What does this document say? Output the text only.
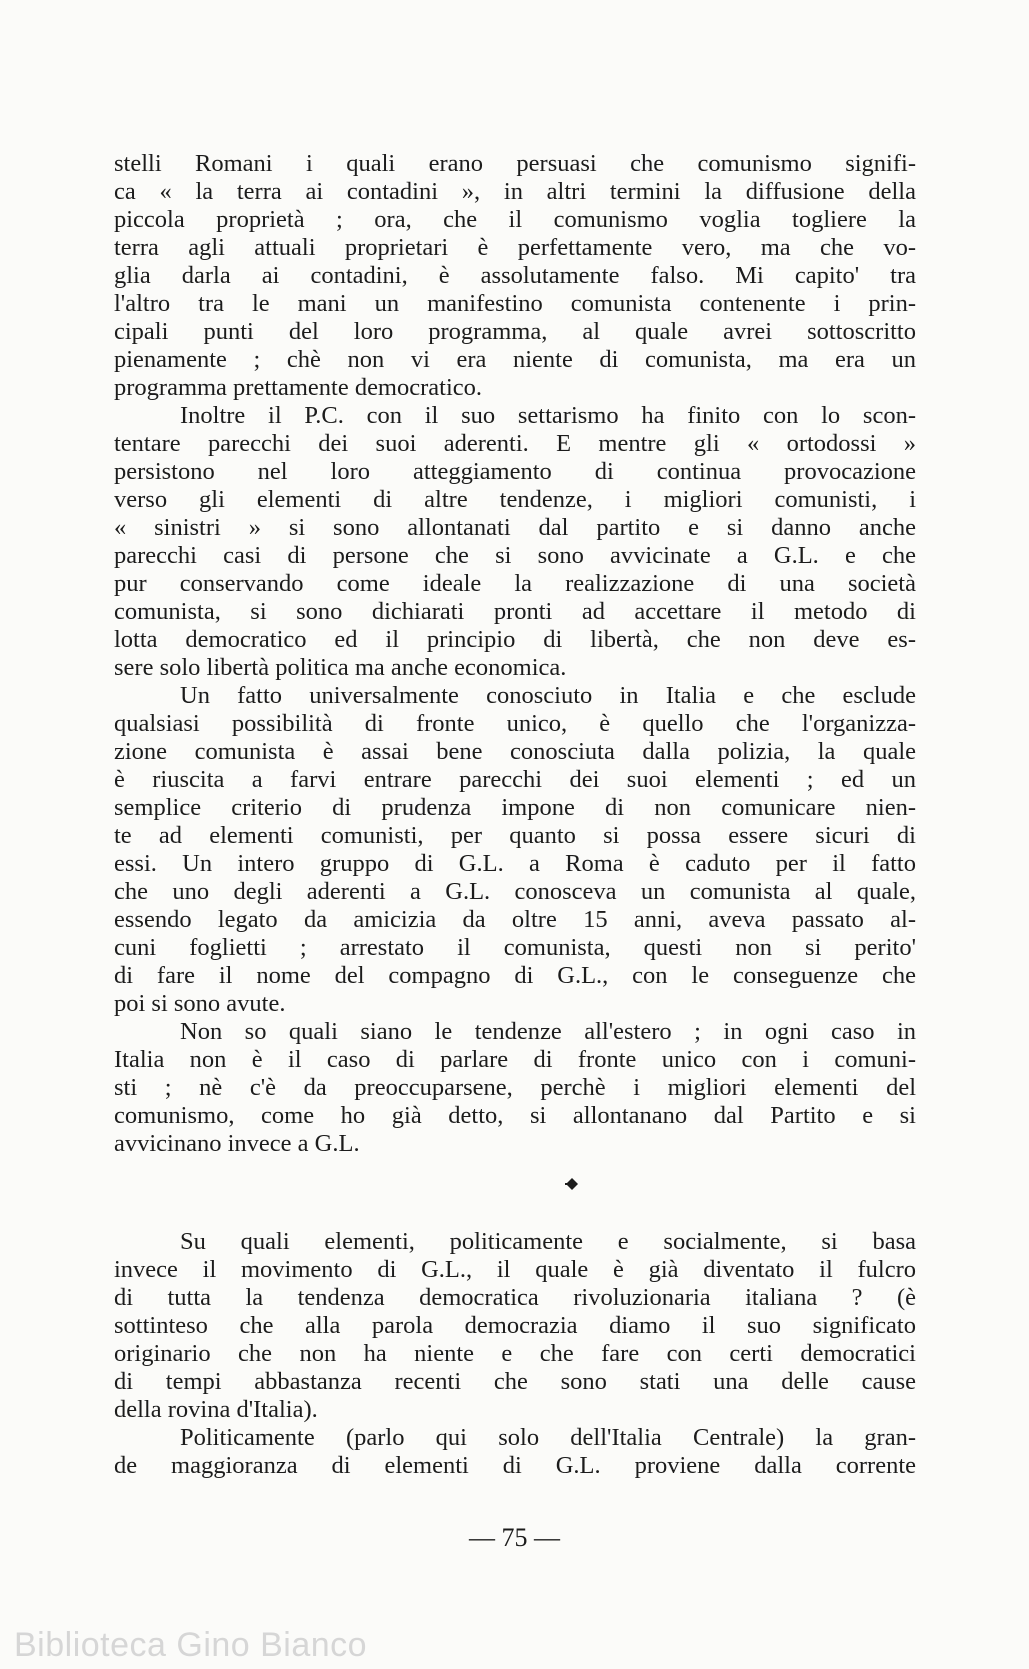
stelli Romani i quali erano persuasi che comunismo signifi-
ca « la terra ai contadini », in altri termini la diffusione della
piccola proprietà ; ora, che il comunismo voglia togliere la
terra agli attuali proprietari è perfettamente vero, ma che vo-
glia darla ai contadini, è assolutamente falso. Mi capito' tra
l'altro tra le mani un manifestino comunista contenente i prin-
cipali punti del loro programma, al quale avrei sottoscritto
pienamente ; chè non vi era niente di comunista, ma era un
programma prettamente democratico.
Inoltre il P.C. con il suo settarismo ha finito con lo scon-
tentare parecchi dei suoi aderenti. E mentre gli « ortodossi »
persistono nel loro atteggiamento di continua provocazione
verso gli elementi di altre tendenze, i migliori comunisti, i
« sinistri » si sono allontanati dal partito e si danno anche
parecchi casi di persone che si sono avvicinate a G.L. e che
pur conservando come ideale la realizzazione di una società
comunista, si sono dichiarati pronti ad accettare il metodo di
lotta democratico ed il principio di libertà, che non deve es-
sere solo libertà politica ma anche economica.
Un fatto universalmente conosciuto in Italia e che esclude
qualsiasi possibilità di fronte unico, è quello che l'organizza-
zione comunista è assai bene conosciuta dalla polizia, la quale
è riuscita a farvi entrare parecchi dei suoi elementi ; ed un
semplice criterio di prudenza impone di non comunicare nien-
te ad elementi comunisti, per quanto si possa essere sicuri di
essi. Un intero gruppo di G.L. a Roma è caduto per il fatto
che uno degli aderenti a G.L. conosceva un comunista al quale,
essendo legato da amicizia da oltre 15 anni, aveva passato al-
cuni foglietti ; arrestato il comunista, questi non si perito'
di fare il nome del compagno di G.L., con le conseguenze che
poi si sono avute.
Non so quali siano le tendenze all'estero ; in ogni caso in
Italia non è il caso di parlare di fronte unico con i comuni-
sti ; nè c'è da preoccuparsene, perchè i migliori elementi del
comunismo, come ho già detto, si allontanano dal Partito e si
avvicinano invece a G.L.
Su quali elementi, politicamente e socialmente, si basa
invece il movimento di G.L., il quale è già diventato il fulcro
di tutta la tendenza democratica rivoluzionaria italiana ? (è
sottinteso che alla parola democrazia diamo il suo significato
originario che non ha niente e che fare con certi democratici
di tempi abbastanza recenti che sono stati una delle cause
della rovina d'Italia).
Politicamente (parlo qui solo dell'Italia Centrale) la gran-
de maggioranza di elementi di G.L. proviene dalla corrente
— 75 —
Biblioteca Gino Bianco
